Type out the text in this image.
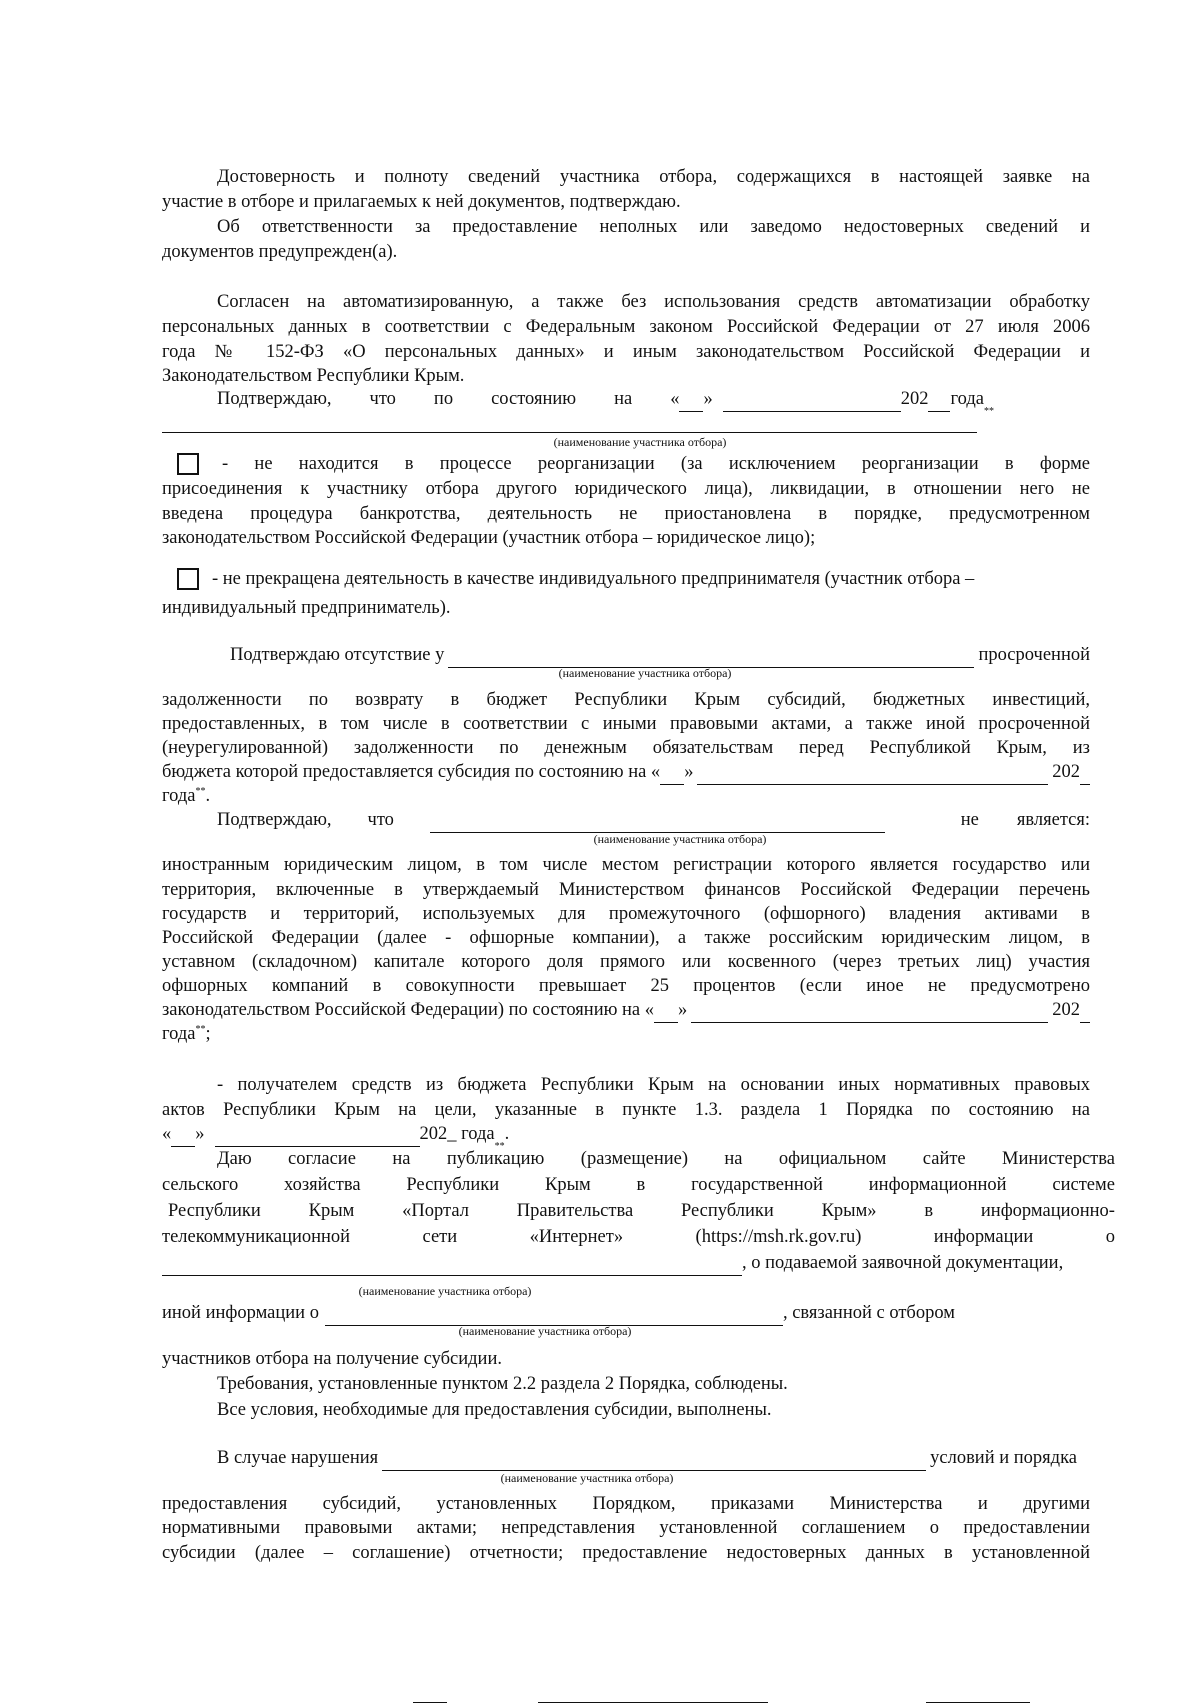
Достоверность и полноту сведений участника отбора, содержащихся в настоящей заявке на
участие в отборе и прилагаемых к ней документов, подтверждаю.
Об ответственности за предоставление неполных или заведомо недостоверных сведений и
документов предупрежден(а).
Согласен на автоматизированную, а также без использования средств автоматизации обработку
персональных данных в соответствии с Федеральным законом Российской Федерации от 27 июля 2006
года № 152-ФЗ «О персональных данных» и иным законодательством Российской Федерации и
Законодательством Республики Крым.
Подтверждаю, что по состоянию на « »	202 года
**
(наименование участника отбора)
- не находится в процессе реорганизации (за исключением реорганизации в форме
присоединения к участнику отбора другого юридического лица), ликвидации, в отношении него не
введена процедура банкротства, деятельность не приостановлена в порядке, предусмотренном
законодательством Российской Федерации (участник отбора – юридическое лицо);
- не прекращена деятельность в качестве индивидуального предпринимателя (участник отбора –
индивидуальный предприниматель).
Подтверждаю отсутствие у	просроченной
(наименование участника отбора)
задолженности по возврату в бюджет Республики Крым субсидий, бюджетных инвестиций,
предоставленных, в том числе в соответствии с иными правовыми актами, а также иной просроченной
(неурегулированной) задолженности по денежным обязательствам перед Республикой Крым, из
бюджета которой предоставляется субсидия по состоянию на « »	202
года**.
Подтверждаю, что	не является:
(наименование участника отбора)
иностранным юридическим лицом, в том числе местом регистрации которого является государство или
территория, включенные в утверждаемый Министерством финансов Российской Федерации перечень
государств и территорий, используемых для промежуточного (офшорного) владения активами в
Российской Федерации (далее - офшорные компании), а также российским юридическим лицом, в
уставном (складочном) капитале которого доля прямого или косвенного (через третьих лиц) участия
офшорных компаний в совокупности превышает 25 процентов (если иное не предусмотрено
законодательством Российской Федерации) по состоянию на « »	202
года**;
- получателем средств из бюджета Республики Крым на основании иных нормативных правовых
актов Республики Крым на цели, указанные в пункте 1.3. раздела 1 Порядка по состоянию на
« »	202_ года
**
.
Даю согласие на публикацию (размещение) на официальном сайте Министерства
сельского хозяйства Республики Крым в государственной информационной системе
Республики	Крым	«Портал	Правительства	Республики	Крым»	в	информационно-
телекоммуникационной	сети	«Интернет»	(https://msh.rk.gov.ru)	информации	о
, о подаваемой заявочной документации,
(наименование участника отбора)
иной информации о	, связанной с отбором
(наименование участника отбора)
участников отбора на получение субсидии.
Требования, установленные пунктом 2.2 раздела 2 Порядка, соблюдены.
Все условия, необходимые для предоставления субсидии, выполнены.
В случае нарушения	условий и порядка
(наименование участника отбора)
предоставления субсидий, установленных Порядком, приказами Министерства и другими
нормативными правовыми актами; непредставления установленной соглашением о предоставлении
субсидии (далее – соглашение) отчетности; предоставление недостоверных данных в установленной
